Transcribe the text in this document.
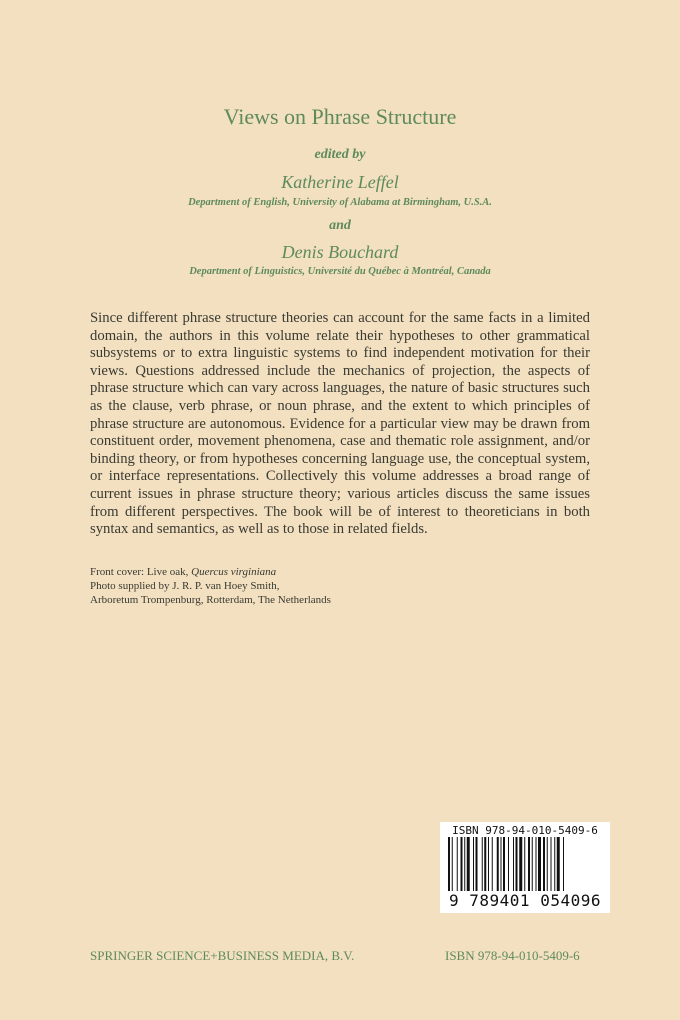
Views on Phrase Structure
edited by
Katherine Leffel
Department of English, University of Alabama at Birmingham, U.S.A.
and
Denis Bouchard
Department of Linguistics, Université du Québec à Montréal, Canada
Since different phrase structure theories can account for the same facts in a limited domain, the authors in this volume relate their hypotheses to other grammatical subsystems or to extra linguistic systems to find independent motivation for their views. Questions addressed include the mechanics of projection, the aspects of phrase structure which can vary across languages, the nature of basic structures such as the clause, verb phrase, or noun phrase, and the extent to which principles of phrase structure are autonomous. Evidence for a particular view may be drawn from constituent order, movement phenomena, case and thematic role assignment, and/or binding theory, or from hypotheses concerning language use, the conceptual system, or interface representations. Collectively this volume addresses a broad range of current issues in phrase structure theory; various articles discuss the same issues from different perspectives. The book will be of interest to theoreticians in both syntax and semantics, as well as to those in related fields.
Front cover: Live oak, Quercus virginiana
Photo supplied by J. R. P. van Hoey Smith,
Arboretum Trompenburg, Rotterdam, The Netherlands
ISBN 978-94-010-5409-6
9 789401 054096
SPRINGER SCIENCE+BUSINESS MEDIA, B.V.	ISBN 978-94-010-5409-6
